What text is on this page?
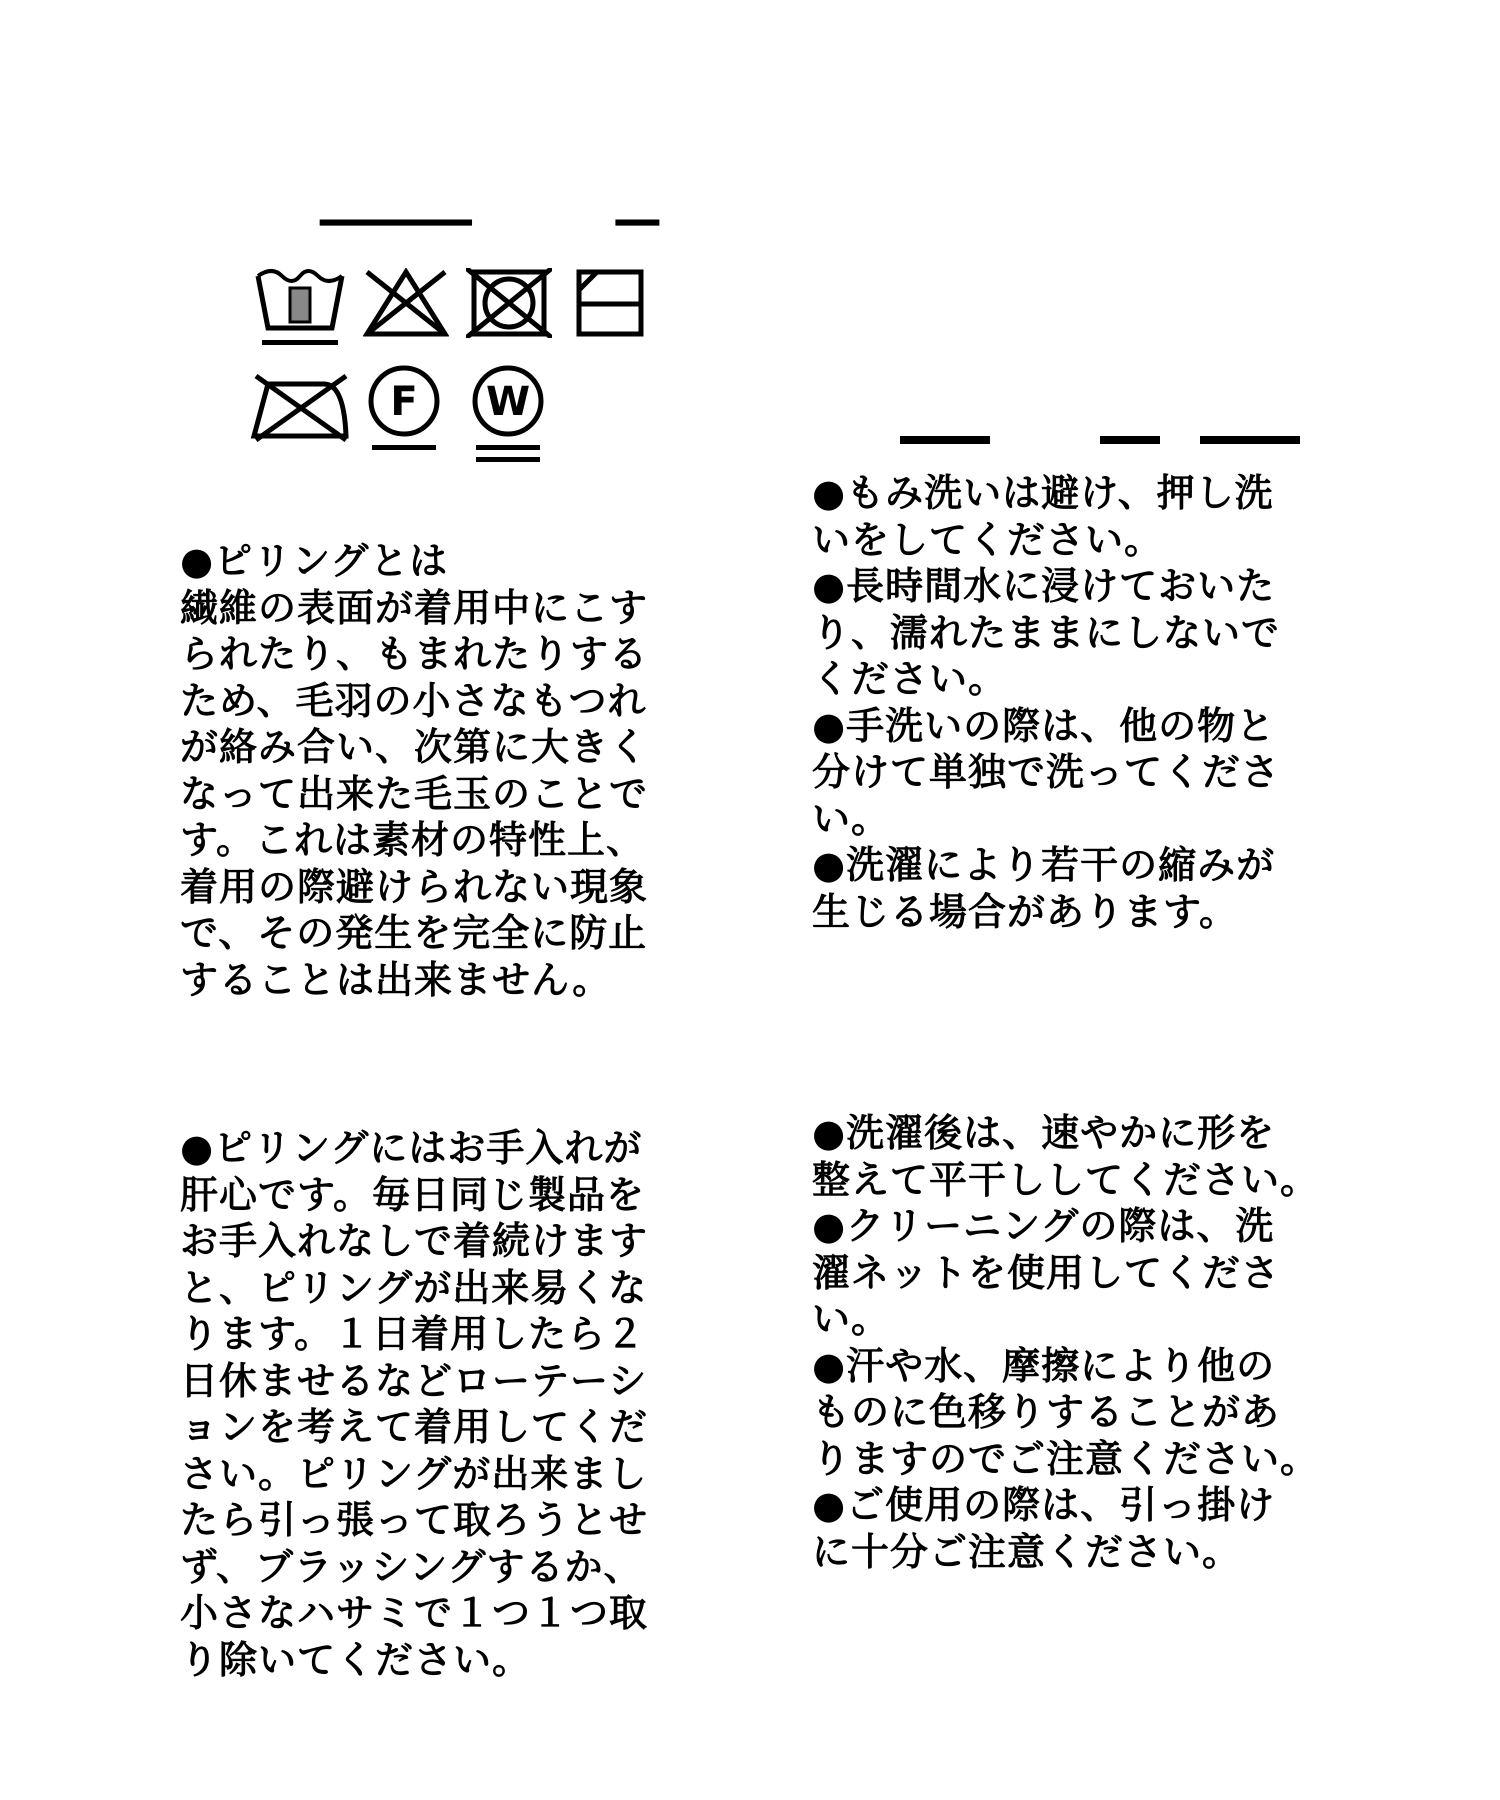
━━━━━━━　　　　━━
F W
●ピリングとは
繊維の表面が着用中にこす
られたり、もまれたりする
ため、毛羽の小さなもつれ
が絡み合い、次第に大きく
なって出来た毛玉のことで
す。これは素材の特性上、
着用の際避けられない現象
で、その発生を完全に防止
することは出来ません。
●ピリングにはお手入れが
肝心です。毎日同じ製品を
お手入れなしで着続けます
と、ピリングが出来易くな
ります。１日着用したら２
日休ませるなどローテーシ
ョンを考えて着用してくだ
さい。ピリングが出来まし
たら引っ張って取ろうとせ
ず、ブラッシングするか、
小さなハサミで１つ１つ取
り除いてください。
●もみ洗いは避け、押し洗
いをしてください。
●長時間水に浸けておいた
り、濡れたままにしないで
ください。
●手洗いの際は、他の物と
分けて単独で洗ってくださ
い。
●洗濯により若干の縮みが
生じる場合があります。
●洗濯後は、速やかに形を
整えて平干ししてください。
●クリーニングの際は、洗
濯ネットを使用してくださ
い。
●汗や水、摩擦により他の
ものに色移りすることがあ
りますのでご注意ください。
●ご使用の際は、引っ掛け
に十分ご注意ください。
